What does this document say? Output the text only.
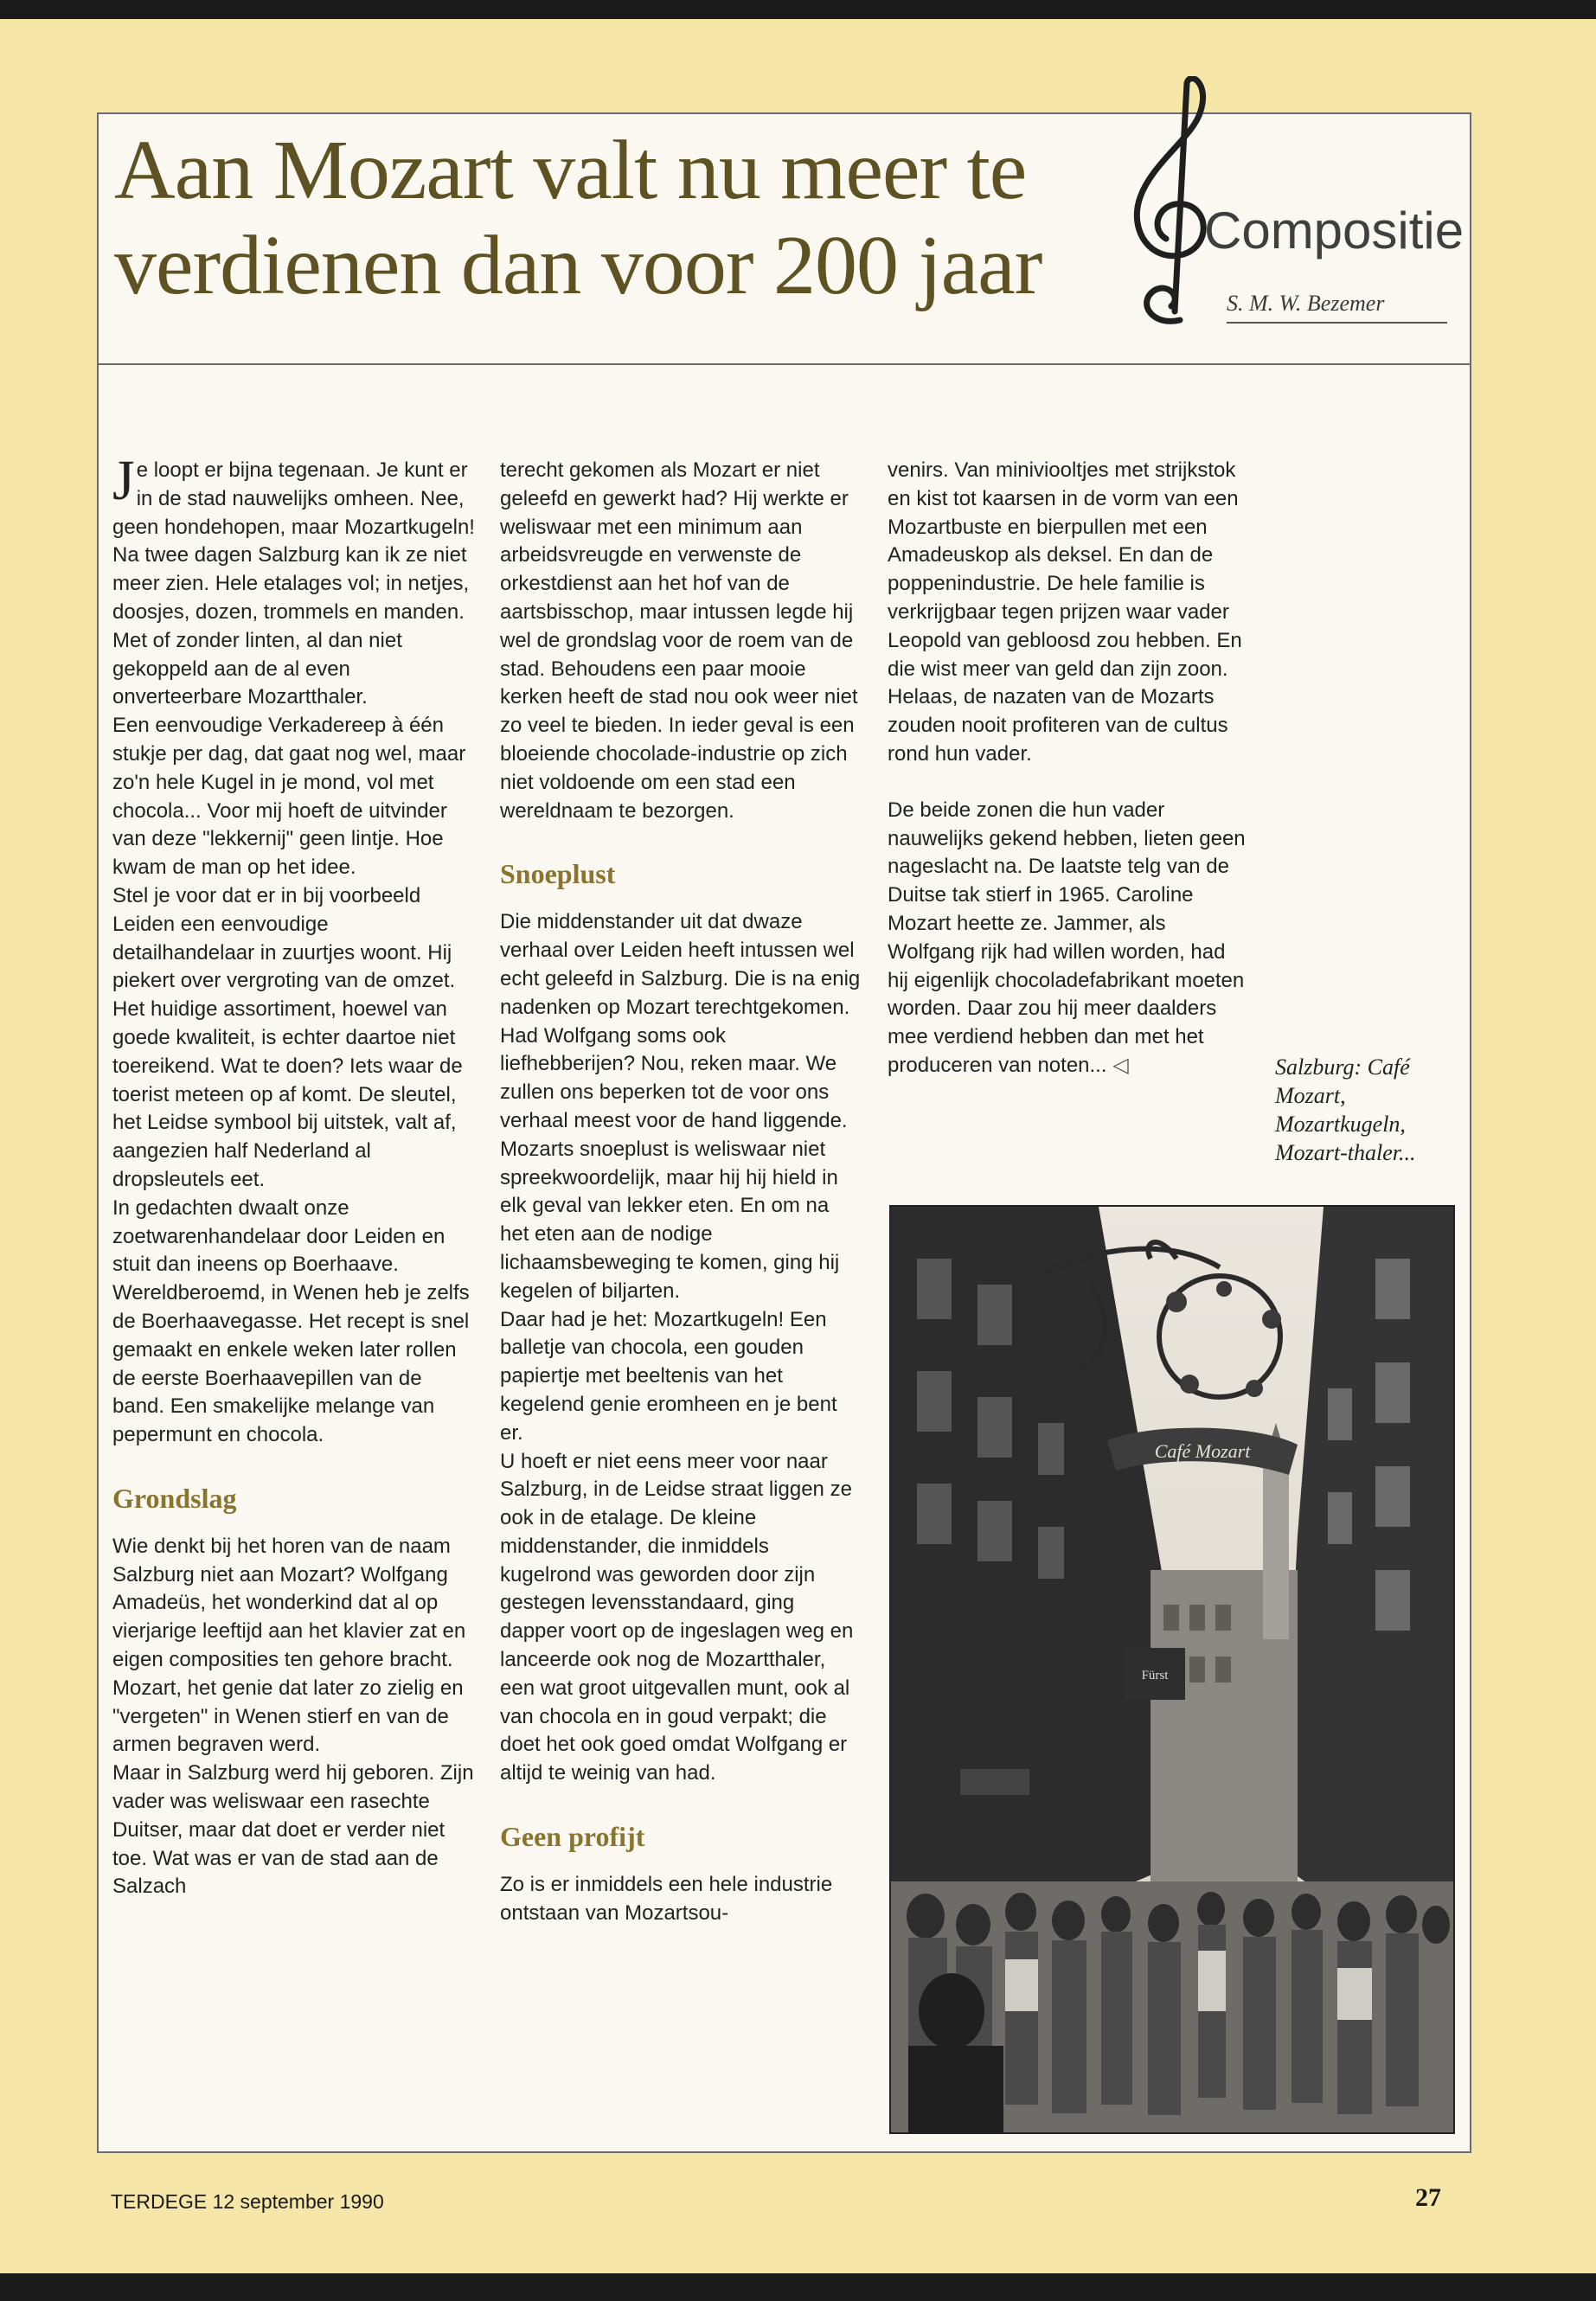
Aan Mozart valt nu meer te
verdienen dan voor 200 jaar	Compositie
S. M. W. Bezemer

Je loopt er bijna tegenaan. Je kunt er in de stad nauwelijks omheen. Nee, geen hondehopen, maar Mozartkugeln! Na twee dagen Salzburg kan ik ze niet meer zien. Hele etalages vol; in netjes, doosjes, dozen, trommels en manden. Met of zonder linten, al dan niet gekoppeld aan de al even onverteerbare Mozartthaler.

Een eenvoudige Verkadereep à één stukje per dag, dat gaat nog wel, maar zo'n hele Kugel in je mond, vol met chocola... Voor mij hoeft de uitvinder van deze "lekkernij" geen lintje. Hoe kwam de man op het idee.

Stel je voor dat er in bij voorbeeld Leiden een eenvoudige detailhandelaar in zuurtjes woont. Hij piekert over vergroting van de omzet. Het huidige assortiment, hoewel van goede kwaliteit, is echter daartoe niet toereikend. Wat te doen? Iets waar de toerist meteen op af komt. De sleutel, het Leidse symbool bij uitstek, valt af, aangezien half Nederland al dropsleutels eet.

In gedachten dwaalt onze zoetwarenhandelaar door Leiden en stuit dan ineens op Boerhaave. Wereldberoemd, in Wenen heb je zelfs de Boerhaavegasse. Het recept is snel gemaakt en enkele weken later rollen de eerste Boerhaavepillen van de band. Een smakelijke melange van pepermunt en chocola.

Grondslag

Wie denkt bij het horen van de naam Salzburg niet aan Mozart? Wolfgang Amadeüs, het wonderkind dat al op vierjarige leeftijd aan het klavier zat en eigen composities ten gehore bracht. Mozart, het genie dat later zo zielig en "vergeten" in Wenen stierf en van de armen begraven werd.

Maar in Salzburg werd hij geboren. Zijn vader was weliswaar een rasechte Duitser, maar dat doet er verder niet toe. Wat was er van de stad aan de Salzach

terecht gekomen als Mozart er niet geleefd en gewerkt had? Hij werkte er weliswaar met een minimum aan arbeidsvreugde en verwenste de orkestdienst aan het hof van de aartsbisschop, maar intussen legde hij wel de grondslag voor de roem van de stad. Behoudens een paar mooie kerken heeft de stad nou ook weer niet zo veel te bieden. In ieder geval is een bloeiende chocolade-industrie op zich niet voldoende om een stad een wereldnaam te bezorgen.

Snoeplust

Die middenstander uit dat dwaze verhaal over Leiden heeft intussen wel echt geleefd in Salzburg. Die is na enig nadenken op Mozart terechtgekomen. Had Wolfgang soms ook liefhebberijen? Nou, reken maar. We zullen ons beperken tot de voor ons verhaal meest voor de hand liggende. Mozarts snoeplust is weliswaar niet spreekwoordelijk, maar hij hij hield in elk geval van lekker eten. En om na het eten aan de nodige lichaamsbeweging te komen, ging hij kegelen of biljarten.

Daar had je het: Mozartkugeln! Een balletje van chocola, een gouden papiertje met beeltenis van het kegelend genie eromheen en je bent er.

U hoeft er niet eens meer voor naar Salzburg, in de Leidse straat liggen ze ook in de etalage. De kleine middenstander, die inmiddels kugelrond was geworden door zijn gestegen levensstandaard, ging dapper voort op de ingeslagen weg en lanceerde ook nog de Mozartthaler, een wat groot uitgevallen munt, ook al van chocola en in goud verpakt; die doet het ook goed omdat Wolfgang er altijd te weinig van had.

Geen profijt

Zo is er inmiddels een hele industrie ontstaan van Mozartsou-

venirs. Van miniviooltjes met strijkstok en kist tot kaarsen in de vorm van een Mozartbuste en bierpullen met een Amadeuskop als deksel. En dan de poppenindustrie. De hele familie is verkrijgbaar tegen prijzen waar vader Leopold van gebloosd zou hebben. En die wist meer van geld dan zijn zoon. Helaas, de nazaten van de Mozarts zouden nooit profiteren van de cultus rond hun vader.

De beide zonen die hun vader nauwelijks gekend hebben, lieten geen nageslacht na. De laatste telg van de Duitse tak stierf in 1965. Caroline Mozart heette ze. Jammer, als Wolfgang rijk had willen worden, had hij eigenlijk chocoladefabrikant moeten worden. Daar zou hij meer daalders mee verdiend hebben dan met het produceren van noten... ◁	Salzburg: Café Mozart, Mozartkugeln, Mozart-thaler...
Café Mozart
Fürst
TERDEGE 12 september 1990	27
